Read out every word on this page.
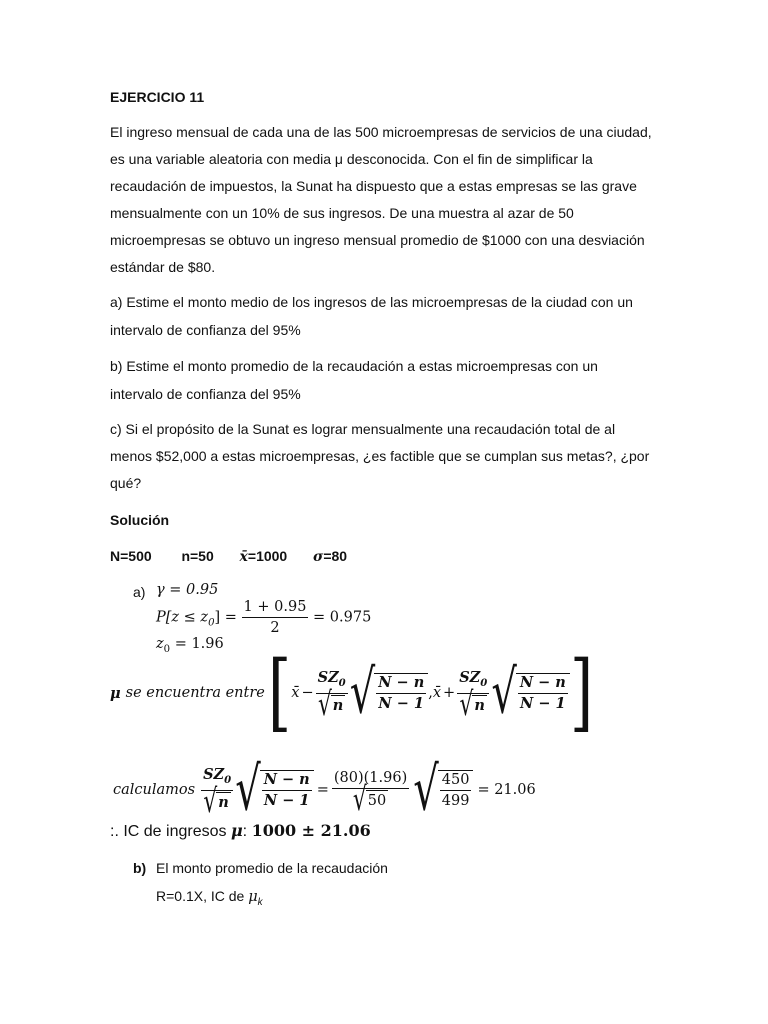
EJERCICIO 11
El ingreso mensual de cada una de las 500 microempresas de servicios de una ciudad,
es una variable aleatoria con media μ desconocida. Con el fin de simplificar la
recaudación de impuestos, la Sunat ha dispuesto que a estas empresas se las grave
mensualmente con un 10% de sus ingresos. De una muestra al azar de 50
microempresas se obtuvo un ingreso mensual promedio de $1000 con una desviación
estándar de $80.
a) Estime el monto medio de los ingresos de las microempresas de la ciudad con un
intervalo de confianza del 95%
b) Estime el monto promedio de la recaudación a estas microempresas con un
intervalo de confianza del 95%
c) Si el propósito de la Sunat es lograr mensualmente una recaudación total de al
menos $52,000 a estas microempresas, ¿es factible que se cumplan sus metas?, ¿por
qué?
Solución
N=500 n=50 x̄=1000 σ=80
a) γ = 0.95
$P[z \le z_0] = \frac{1 + 0.95}{2} = 0.975$
$z_0 = 1.96$
μ se encuentra entre [ x̄ − $\frac{SZ_0}{√ n}$ √ $\frac{N - n}{N - 1}$ , x̄ + $\frac{SZ_0}{√ n}$ √ $\frac{N - n}{N - 1}$ ]
calculamos $\frac{SZ_0}{√ n}$ √ $\frac{N - n}{N - 1} = \frac{(80)(1.96)}{√ 50}$ √ $\frac{450}{499} = 21.06$
:. IC de ingresos μ: 1000 ± 21.06
b) El monto promedio de la recaudación
R=0.1X, IC de $\mu_k$
